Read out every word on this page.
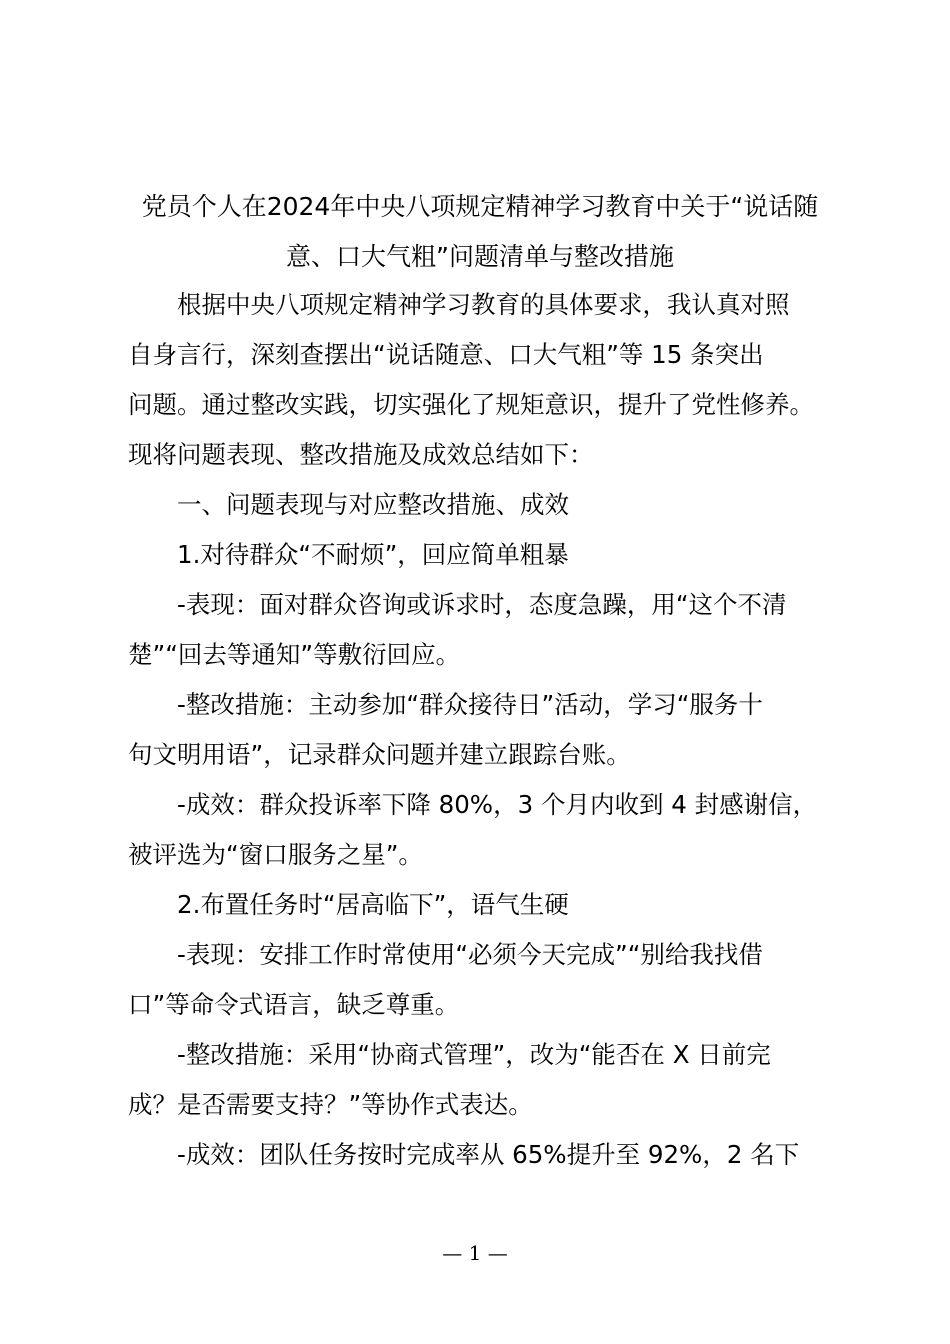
党员个人在2024年中央八项规定精神学习教育中关于“说话随
意、口大气粗”问题清单与整改措施
根据中央八项规定精神学习教育的具体要求，我认真对照
自身言行，深刻查摆出“说话随意、口大气粗”等 15 条突出
问题。通过整改实践，切实强化了规矩意识，提升了党性修养。
现将问题表现、整改措施及成效总结如下：
一、问题表现与对应整改措施、成效
1.对待群众“不耐烦”，回应简单粗暴
-表现：面对群众咨询或诉求时，态度急躁，用“这个不清
楚”“回去等通知”等敷衍回应。
-整改措施：主动参加“群众接待日”活动，学习“服务十
句文明用语”，记录群众问题并建立跟踪台账。
-成效：群众投诉率下降 80%，3 个月内收到 4 封感谢信，
被评选为“窗口服务之星”。
2.布置任务时“居高临下”，语气生硬
-表现：安排工作时常使用“必须今天完成”“别给我找借
口”等命令式语言，缺乏尊重。
-整改措施：采用“协商式管理”，改为“能否在 X 日前完
成？是否需要支持？”等协作式表达。
-成效：团队任务按时完成率从 65%提升至 92%，2 名下
— 1 —
